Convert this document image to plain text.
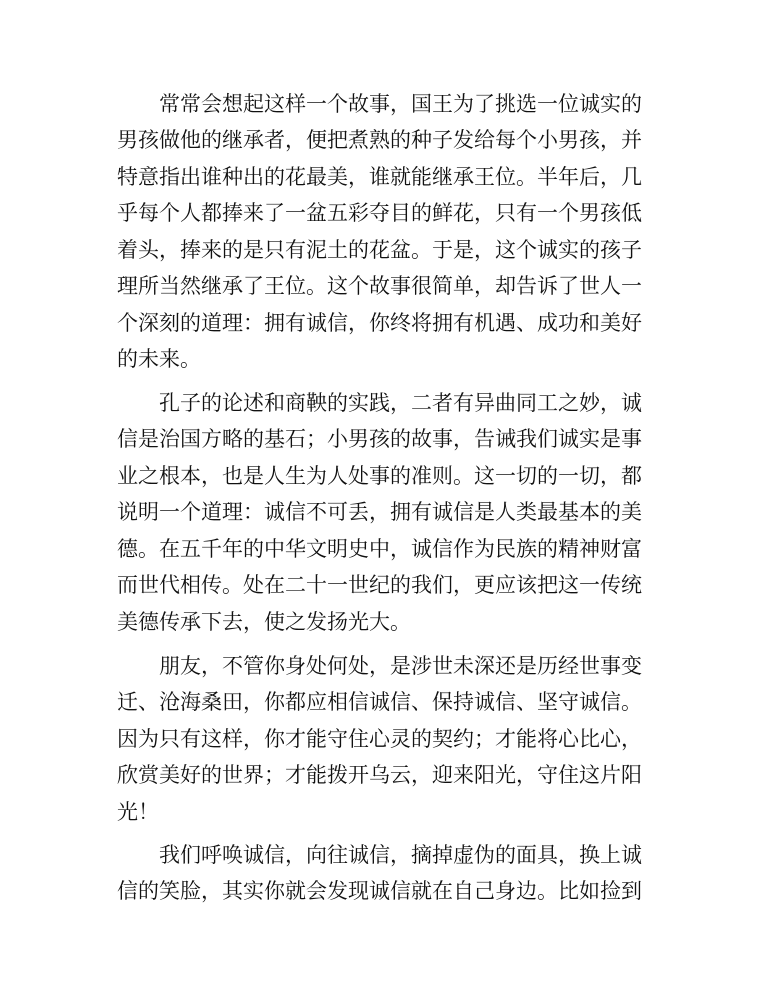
常常会想起这样一个故事，国王为了挑选一位诚实的

男孩做他的继承者，便把煮熟的种子发给每个小男孩，并

特意指出谁种出的花最美，谁就能继承王位。半年后，几

乎每个人都捧来了一盆五彩夺目的鲜花，只有一个男孩低

着头，捧来的是只有泥土的花盆。于是，这个诚实的孩子

理所当然继承了王位。这个故事很简单，却告诉了世人一

个深刻的道理：拥有诚信，你终将拥有机遇、成功和美好

的未来。

孔子的论述和商鞅的实践，二者有异曲同工之妙，诚

信是治国方略的基石；小男孩的故事，告诫我们诚实是事

业之根本，也是人生为人处事的准则。这一切的一切，都

说明一个道理：诚信不可丢，拥有诚信是人类最基本的美

德。在五千年的中华文明史中，诚信作为民族的精神财富

而世代相传。处在二十一世纪的我们，更应该把这一传统

美德传承下去，使之发扬光大。

朋友，不管你身处何处，是涉世未深还是历经世事变

迁、沧海桑田，你都应相信诚信、保持诚信、坚守诚信。

因为只有这样，你才能守住心灵的契约；才能将心比心，

欣赏美好的世界；才能拨开乌云，迎来阳光，守住这片阳

光！

我们呼唤诚信，向往诚信，摘掉虚伪的面具，换上诚

信的笑脸，其实你就会发现诚信就在自己身边。比如捡到
